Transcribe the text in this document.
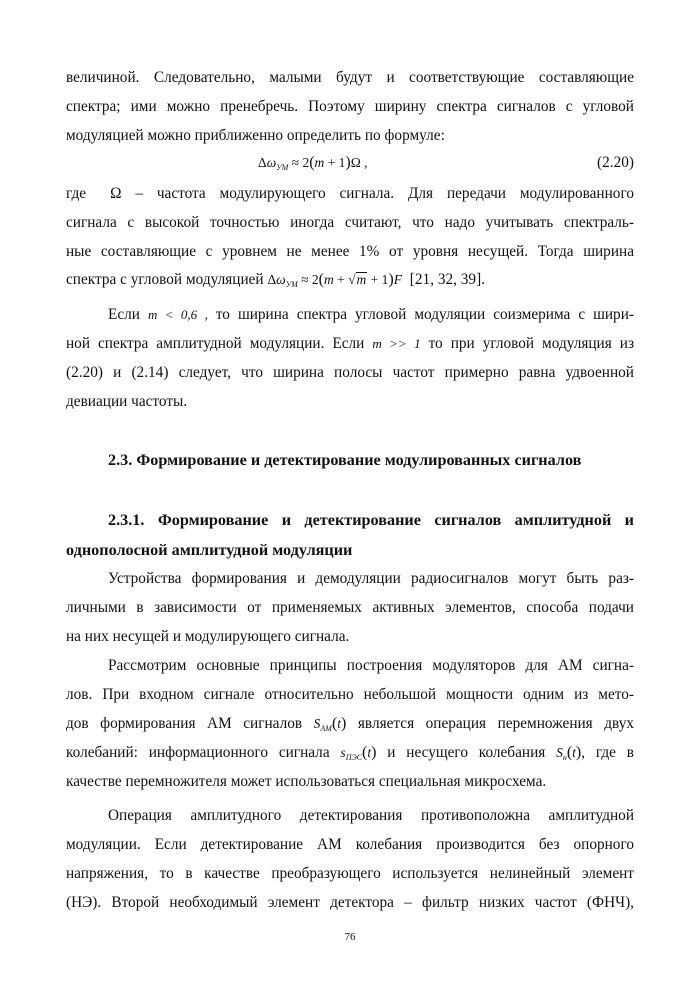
величиной. Следовательно, малыми будут и соответствующие составляющие
спектра; ими можно пренебречь. Поэтому ширину спектра сигналов с угловой
модуляцией можно приближенно определить по формуле:
$\Delta\omega_{УМ} \approx 2(m + 1)\Omega$ ,	(2.20)
где Ω – частота модулирующего сигнала. Для передачи модулированного
сигнала с высокой точностью иногда считают, что надо учитывать спектраль-
ные составляющие с уровнем не менее 1% от уровня несущей. Тогда ширина
спектра с угловой модуляцией $\Delta\omega_{УМ} \approx 2(m + √m + 1)F$ [21, 32, 39].
Если m < 0,6 , то ширина спектра угловой модуляции соизмерима с шири-
ной спектра амплитудной модуляции. Если m >> 1 то при угловой модуляция из
(2.20) и (2.14) следует, что ширина полосы частот примерно равна удвоенной
девиации частоты.
2.3. Формирование и детектирование модулированных сигналов
2.3.1. Формирование и детектирование сигналов амплитудной и
однополосной амплитудной модуляции
Устройства формирования и демодуляции радиосигналов могут быть раз-
личными в зависимости от применяемых активных элементов, способа подачи
на них несущей и модулирующего сигнала.
Рассмотрим основные принципы построения модуляторов для АМ сигна-
лов. При входном сигнале относительно небольшой мощности одним из мето-
дов формирования АМ сигналов $S_{АМ}(t)$ является операция перемножения двух
колебаний: информационного сигнала $s_{ПЭС}(t)$ и несущего колебания $S_н(t)$, где в
качестве перемножителя может использоваться специальная микросхема.
Операция амплитудного детектирования противоположна амплитудной
модуляции. Если детектирование АМ колебания производится без опорного
напряжения, то в качестве преобразующего используется нелинейный элемент
(НЭ). Второй необходимый элемент детектора – фильтр низких частот (ФНЧ),
76
